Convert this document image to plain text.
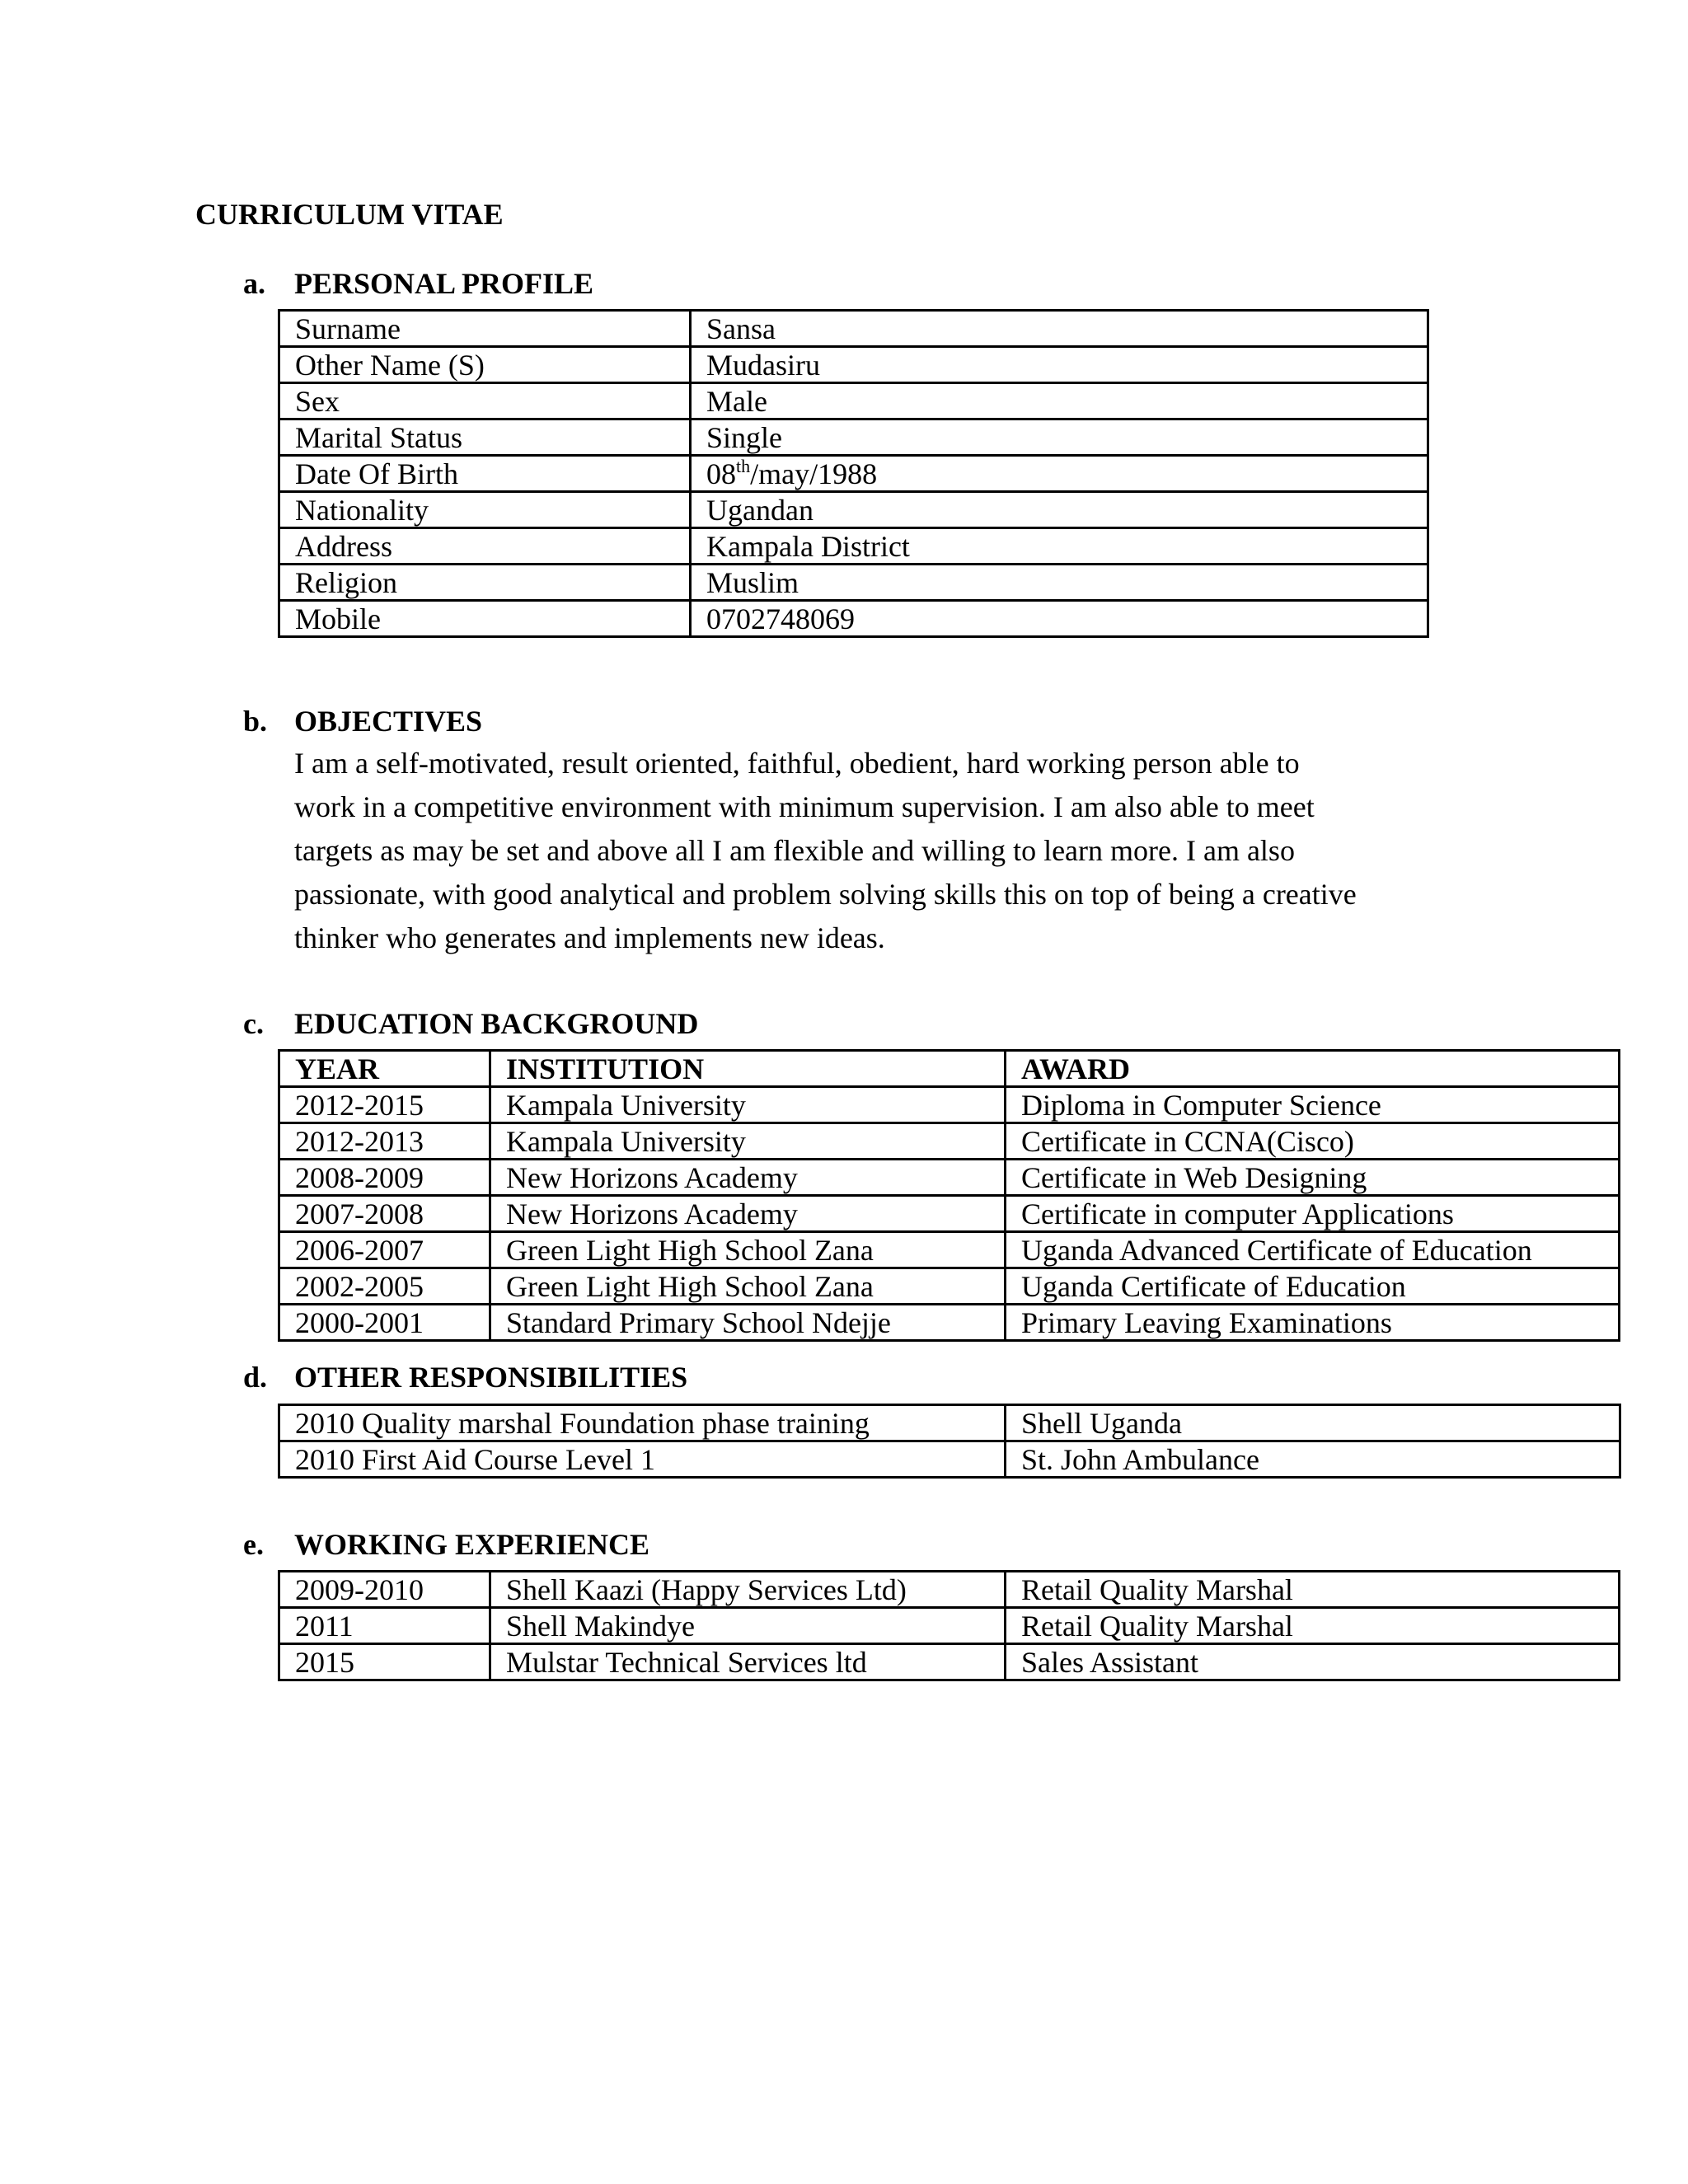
CURRICULUM VITAE
a. PERSONAL PROFILE
Surname	Sansa
Other Name (S)	Mudasiru
Sex	Male
Marital Status	Single
Date Of Birth	08th/may/1988
Nationality	Ugandan
Address	Kampala District
Religion	Muslim
Mobile	0702748069
b. OBJECTIVES
I am a self-motivated, result oriented, faithful, obedient, hard working person able to
work in a competitive environment with minimum supervision. I am also able to meet
targets as may be set and above all I am flexible and willing to learn more. I am also
passionate, with good analytical and problem solving skills this on top of being a creative
thinker who generates and implements new ideas.
c. EDUCATION BACKGROUND
YEAR	INSTITUTION	AWARD
2012-2015	Kampala University	Diploma in Computer Science
2012-2013	Kampala University	Certificate in CCNA(Cisco)
2008-2009	New Horizons Academy	Certificate in Web Designing
2007-2008	New Horizons Academy	Certificate in computer Applications
2006-2007	Green Light High School Zana	Uganda Advanced Certificate of Education
2002-2005	Green Light High School Zana	Uganda Certificate of Education
2000-2001	Standard Primary School Ndejje	Primary Leaving Examinations
d. OTHER RESPONSIBILITIES
2010 Quality marshal Foundation phase training	Shell Uganda
2010 First Aid Course Level 1	St. John Ambulance
e. WORKING EXPERIENCE
2009-2010	Shell Kaazi (Happy Services Ltd)	Retail Quality Marshal
2011	Shell Makindye	Retail Quality Marshal
2015	Mulstar Technical Services ltd	Sales Assistant
